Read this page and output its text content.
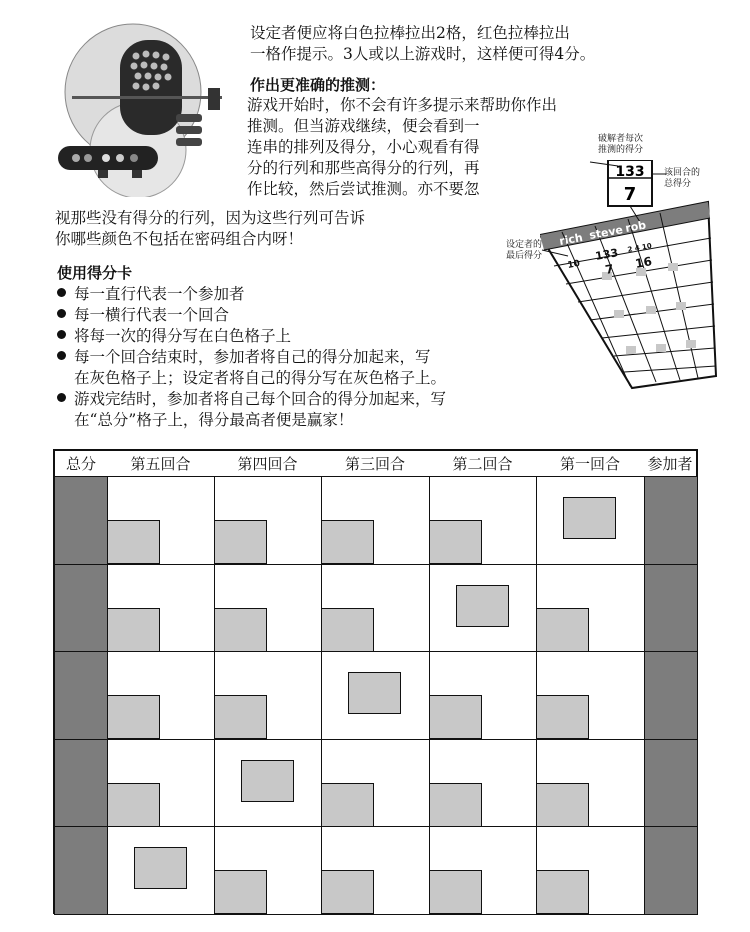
设定者便应将白色拉棒拉出2格，红色拉棒拉出
一格作提示。3人或以上游戏时，这样便可得4分。
作出更准确的推测：
游戏开始时，你不会有许多提示来帮助你作出
推测。但当游戏继续，便会看到一
连串的排列及得分，小心观看有得
分的行列和那些高得分的行列，再
作比较，然后尝试推测。亦不要忽
视那些没有得分的行列，因为这些行列可告诉
你哪些颜色不包括在密码组合内呀！
使用得分卡
每一直行代表一个参加者
每一横行代表一个回合
将每一次的得分写在白色格子上
每一个回合结束时，参加者将自己的得分加起来，写
在灰色格子上；设定者将自己的得分写在灰色格子上。
游戏完结时，参加者将自己每个回合的得分加起来，写
在“总分”格子上，得分最高者便是赢家！
破解者每次
推测的得分
该回合的
总得分
设定者的
最后得分
133
7
rich steve rob
10
133 2 4 10
7 16
总分	第五回合	第四回合	第三回合	第二回合	第一回合	参加者
